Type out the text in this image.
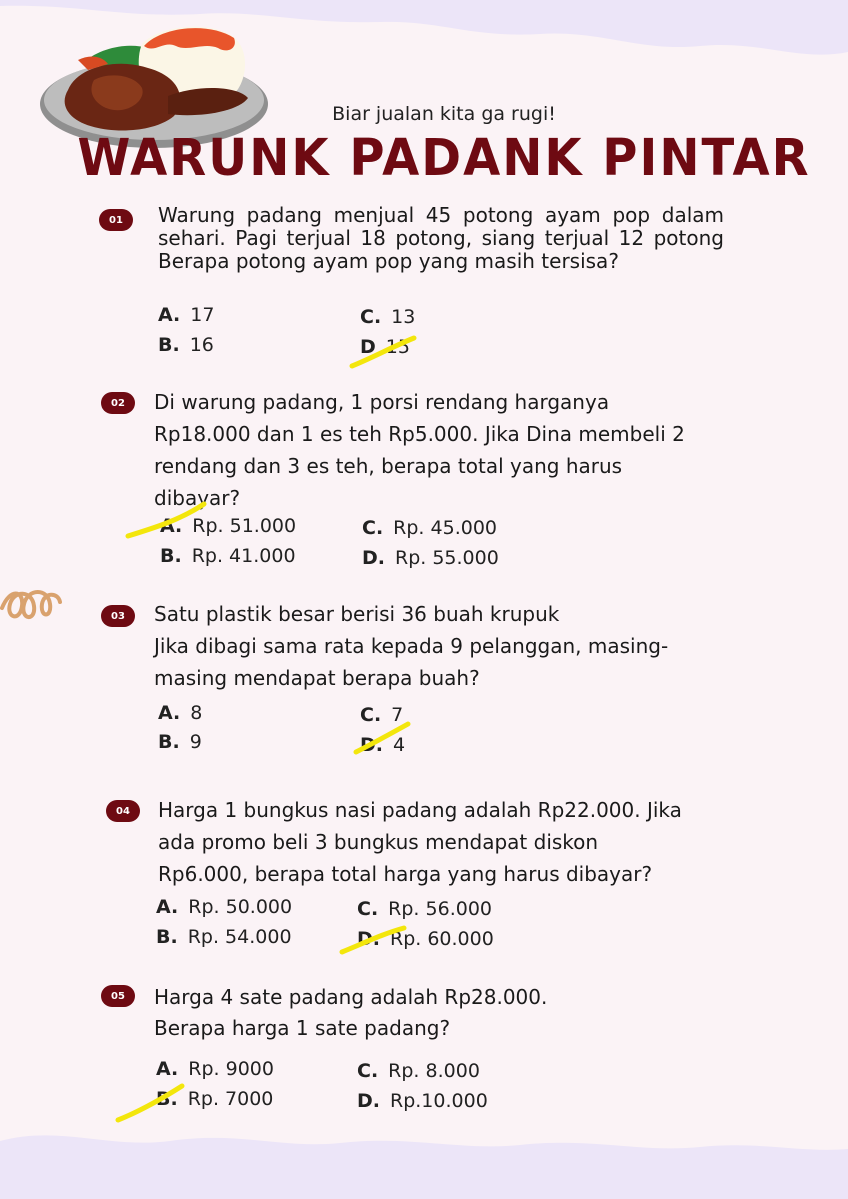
Biar jualan kita ga rugi!
WARUNK PADANK PINTAR
01	Warung padang menjual 45 potong ayam pop dalam sehari. Pagi terjual 18 potong, siang terjual 12 potong Berapa potong ayam pop yang masih tersisa?
A. 17
B. 16
C. 13
D 15
02	Di warung padang, 1 porsi rendang harganya
Rp18.000 dan 1 es teh Rp5.000. Jika Dina membeli 2
rendang dan 3 es teh, berapa total yang harus
dibayar?
A. Rp. 51.000
B. Rp. 41.000
C. Rp. 45.000
D. Rp. 55.000
03	Satu plastik besar berisi 36 buah krupuk
Jika dibagi sama rata kepada 9 pelanggan, masing-
masing mendapat berapa buah?
A. 8
B. 9
C. 7
D. 4
04	Harga 1 bungkus nasi padang adalah Rp22.000. Jika
ada promo beli 3 bungkus mendapat diskon
Rp6.000, berapa total harga yang harus dibayar?
A. Rp. 50.000
B. Rp. 54.000
C. Rp. 56.000
D. Rp. 60.000
05	Harga 4 sate padang adalah Rp28.000.
Berapa harga 1 sate padang?
A. Rp. 9000
B. Rp. 7000
C. Rp. 8.000
D. Rp.10.000
